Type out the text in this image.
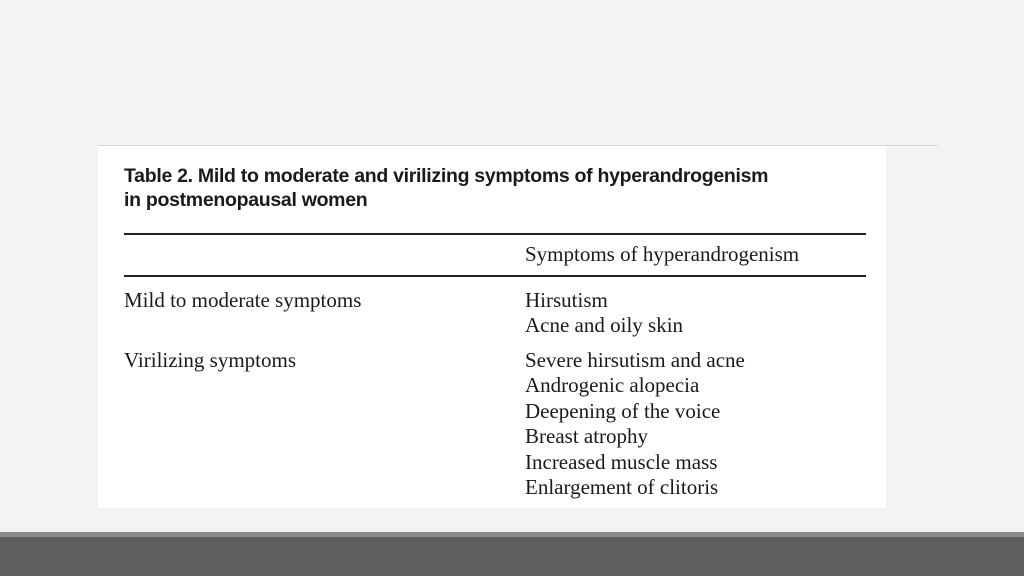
Table 2. Mild to moderate and virilizing symptoms of hyperandrogenism
in postmenopausal women
Symptoms of hyperandrogenism
Mild to moderate symptoms	Hirsutism
Acne and oily skin
Virilizing symptoms	Severe hirsutism and acne
Androgenic alopecia
Deepening of the voice
Breast atrophy
Increased muscle mass
Enlargement of clitoris
